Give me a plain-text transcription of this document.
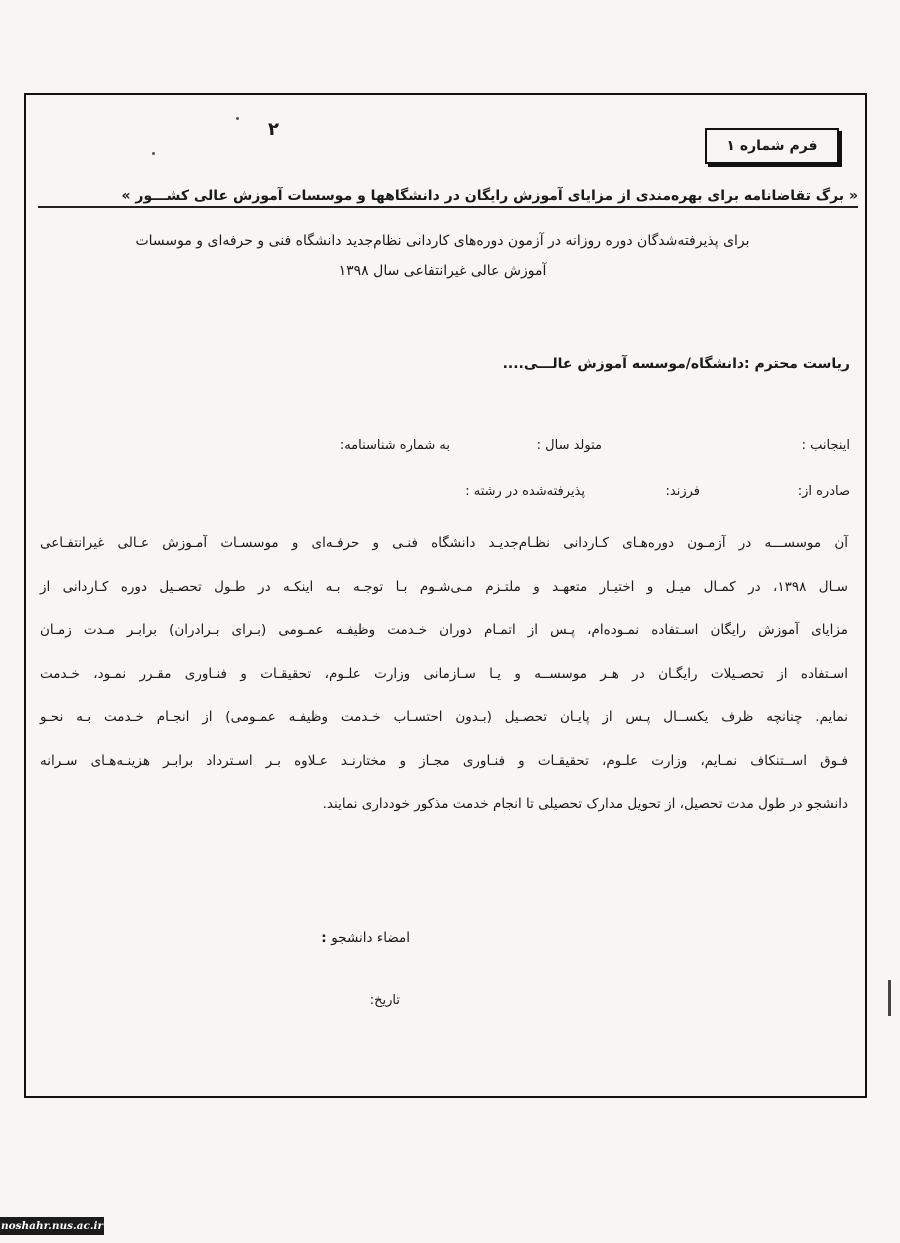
٢
فرم شماره ۱
« برگ تقاضانامه برای بهره‌مندی از مزایای آموزش رایگان در دانشگاهها و موسسات آموزش عالی کشـــور »
برای پذیرفته‌شدگان دوره روزانه در آزمون دوره‌های کاردانی نظام‌جدید دانشگاه فنی و حرفه‌ای و موسسات
آموزش عالی غیرانتفاعی سال ۱۳۹۸
ریاست محترم :دانشگاه/موسسه آموزش عالـــی....
اینجانب :
متولد سال :
به شماره شناسنامه:
صادره از:
فرزند:
پذیرفته‌شده در رشته :
آن موسســـه در آزمـون دوره‌هـای کـاردانی نظـام‌جدیـد دانشگاه فنـی و حرفـه‌ای و موسسـات آمـوزش عـالی غیرانتفـاعی
سـال ۱۳۹۸، در کمـال میـل و اختیـار متعهـد و ملتـزم مـی‌شـوم بـا توجـه بـه اینکـه در طـول تحصـیل دوره کـاردانی از
مزایای آموزش رایگان اسـتفاده نمـوده‌ام، پـس از اتمـام دوران خـدمت وظیفـه عمـومی (بـرای بـرادران) برابـر مـدت زمـان
اسـتفاده از تحصـیلات رایگـان در هـر موسســه و یـا سـازمانی وزارت علـوم، تحقیقـات و فنـاوری مقـرر نمـود، خـدمت
نمایم. چنانچه ظرف یکســال پـس از پایـان تحصـیل (بـدون احتسـاب خـدمت وظیفـه عمـومی) از انجـام خـدمت بـه نحـو
فـوق اســتنکاف نمـایم، وزارت علـوم، تحقیقـات و فنـاوری مجـاز و مختارنـد عـلاوه بـر اسـترداد برابـر هزینـه‌هـای سـرانه
دانشجو در طول مدت تحصیل، از تحویل مدارک تحصیلی تا انجام خدمت مذکور خودداری نمایند.
امضاء دانشجو :
تاریخ:
noshahr.nus.ac.ir
